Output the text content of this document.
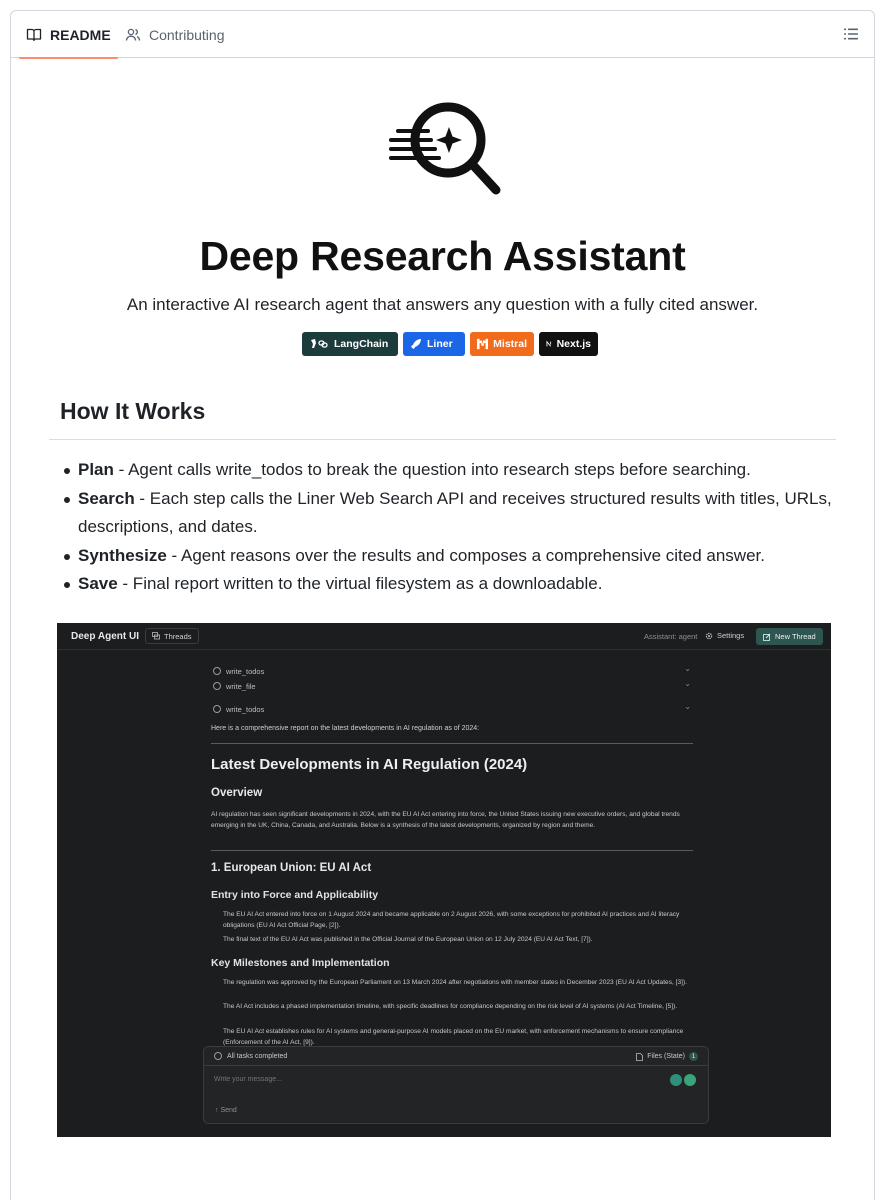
README	Contributing
Deep Research Assistant
An interactive AI research agent that answers any question with a fully cited answer.
LangChain	Liner	Mistral	Next.js
How It Works
Plan - Agent calls write_todos to break the question into research steps before searching.
Search - Each step calls the Liner Web Search API and receives structured results with titles, URLs, descriptions, and dates.
Synthesize - Agent reasons over the results and composes a comprehensive cited answer.
Save - Final report written to the virtual filesystem as a downloadable.
Deep Agent UI	Threads	Assistant: agent	Settings	New Thread
write_todos	⌄
write_file	⌄
write_todos	⌄
Here is a comprehensive report on the latest developments in AI regulation as of 2024:
Latest Developments in AI Regulation (2024)
Overview
AI regulation has seen significant developments in 2024, with the EU AI Act entering into force, the United States issuing new executive orders, and global trends emerging in the UK, China, Canada, and Australia. Below is a synthesis of the latest developments, organized by region and theme.
1. European Union: EU AI Act
Entry into Force and Applicability
The EU AI Act entered into force on 1 August 2024 and became applicable on 2 August 2026, with some exceptions for prohibited AI practices and AI literacy obligations (EU AI Act Official Page, [2]).
The final text of the EU AI Act was published in the Official Journal of the European Union on 12 July 2024 (EU AI Act Text, [7]).
Key Milestones and Implementation
The regulation was approved by the European Parliament on 13 March 2024 after negotiations with member states in December 2023 (EU AI Act Updates, [3]).
The AI Act includes a phased implementation timeline, with specific deadlines for compliance depending on the risk level of AI systems (AI Act Timeline, [5]).
The EU AI Act establishes rules for AI systems and general-purpose AI models placed on the EU market, with enforcement mechanisms to ensure compliance (Enforcement of the AI Act, [9]).
All tasks completed	Files (State)	1
Write your message...
↑ Send
